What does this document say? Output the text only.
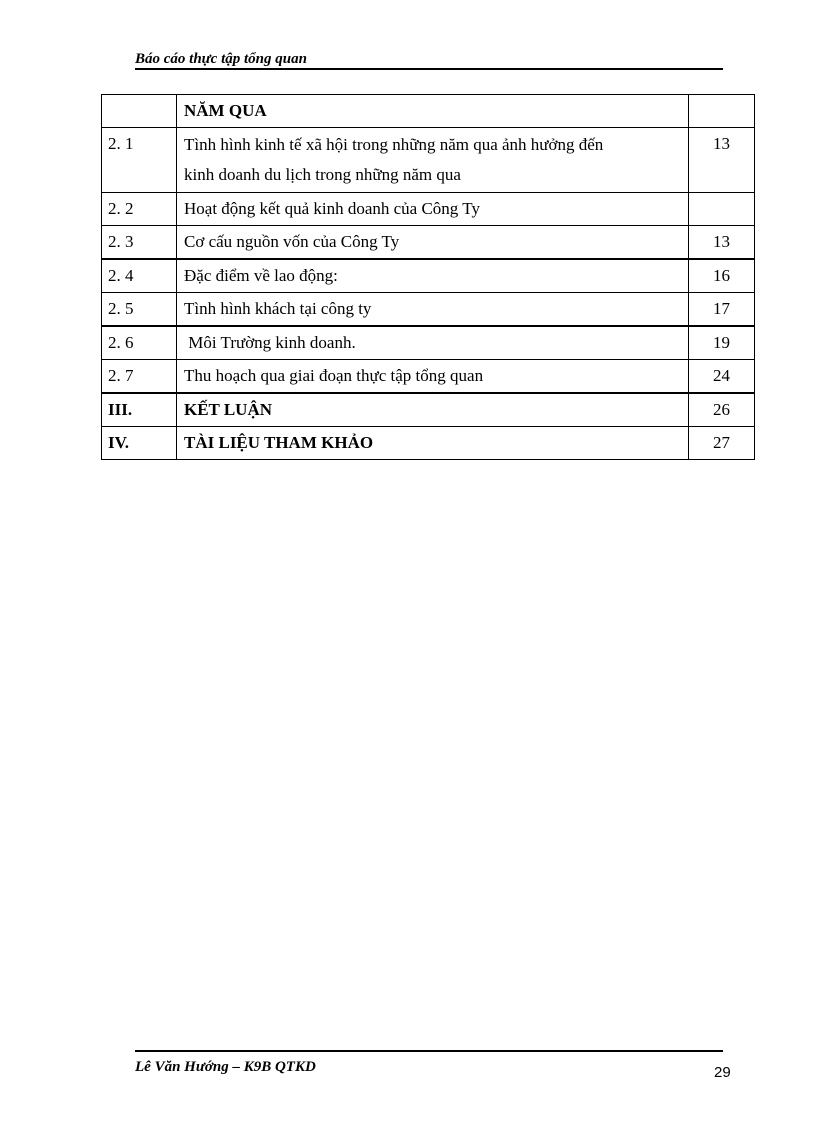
Báo cáo thực tập tổng quan
	NĂM QUA	
2. 1	Tình hình kinh tế xã hội trong những năm qua ảnh hưởng đến
kinh doanh du lịch trong những năm qua	13
2. 2	Hoạt động kết quả kinh doanh của Công Ty	
2. 3	Cơ cấu nguồn vốn của Công Ty	13
2. 4	Đặc điểm về lao động:	16
2. 5	Tình hình khách tại công ty	17
2. 6	Môi Trường kinh doanh.	19
2. 7	Thu hoạch qua giai đoạn thực tập tổng quan	24
III.	KẾT LUẬN	26
IV.	TÀI LIỆU THAM KHẢO	27
Lê Văn Hướng – K9B QTKD	29
